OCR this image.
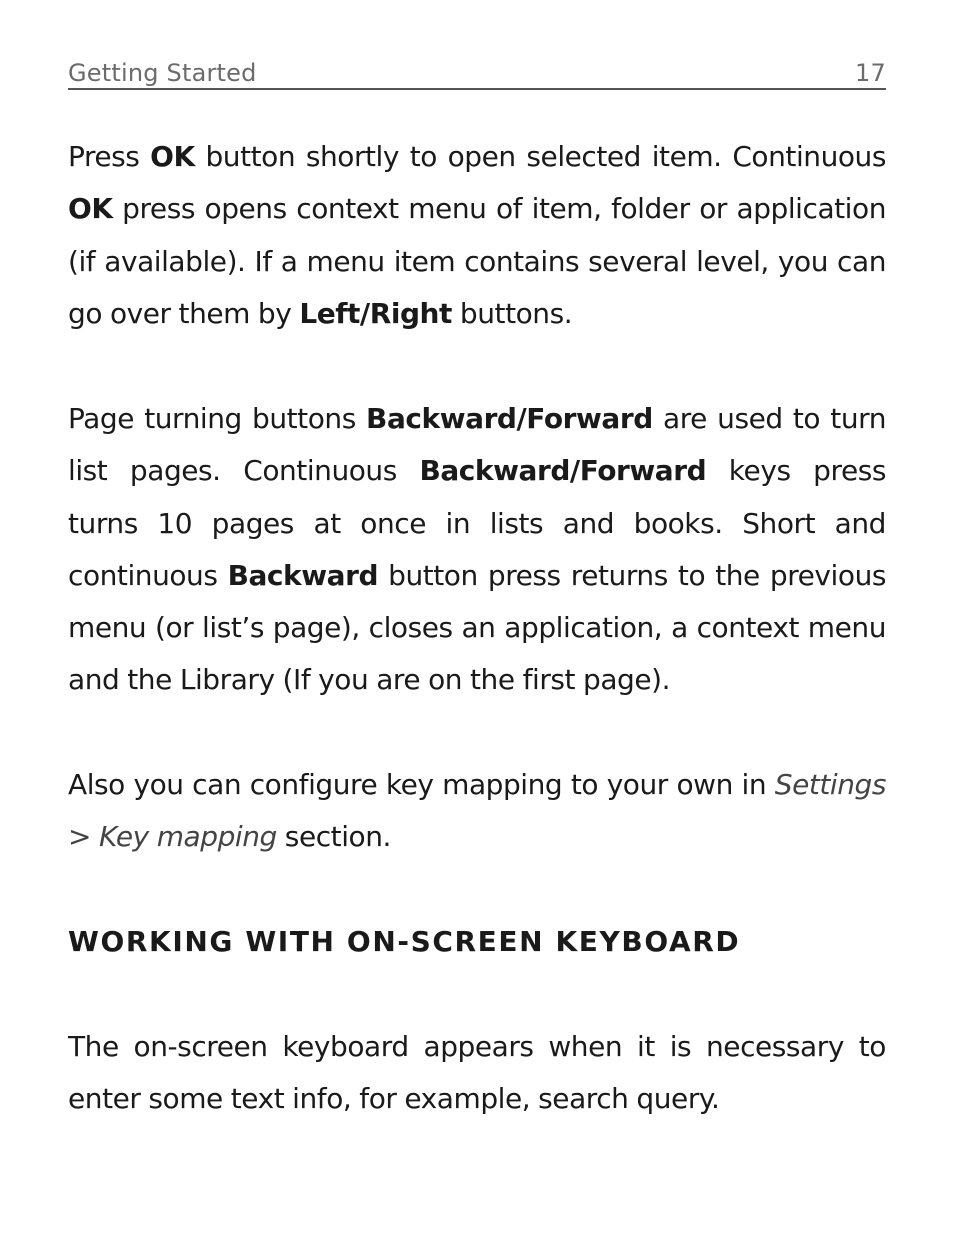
Getting Started	17

Press OK button shortly to open selected item. Continuous OK press opens context menu of item, folder or application (if available). If a menu item contains several level, you can go over them by Left/Right buttons.

Page turning buttons Backward/Forward are used to turn list pages. Continuous Backward/Forward keys press turns 10 pages at once in lists and books. Short and continuous Backward button press returns to the previous menu (or list’s page), closes an application, a context menu and the Library (If you are on the first page).

Also you can configure key mapping to your own in Settings > Key mapping section.

WORKING WITH ON-SCREEN KEYBOARD

The on-screen keyboard appears when it is necessary to enter some text info, for example, search query.
